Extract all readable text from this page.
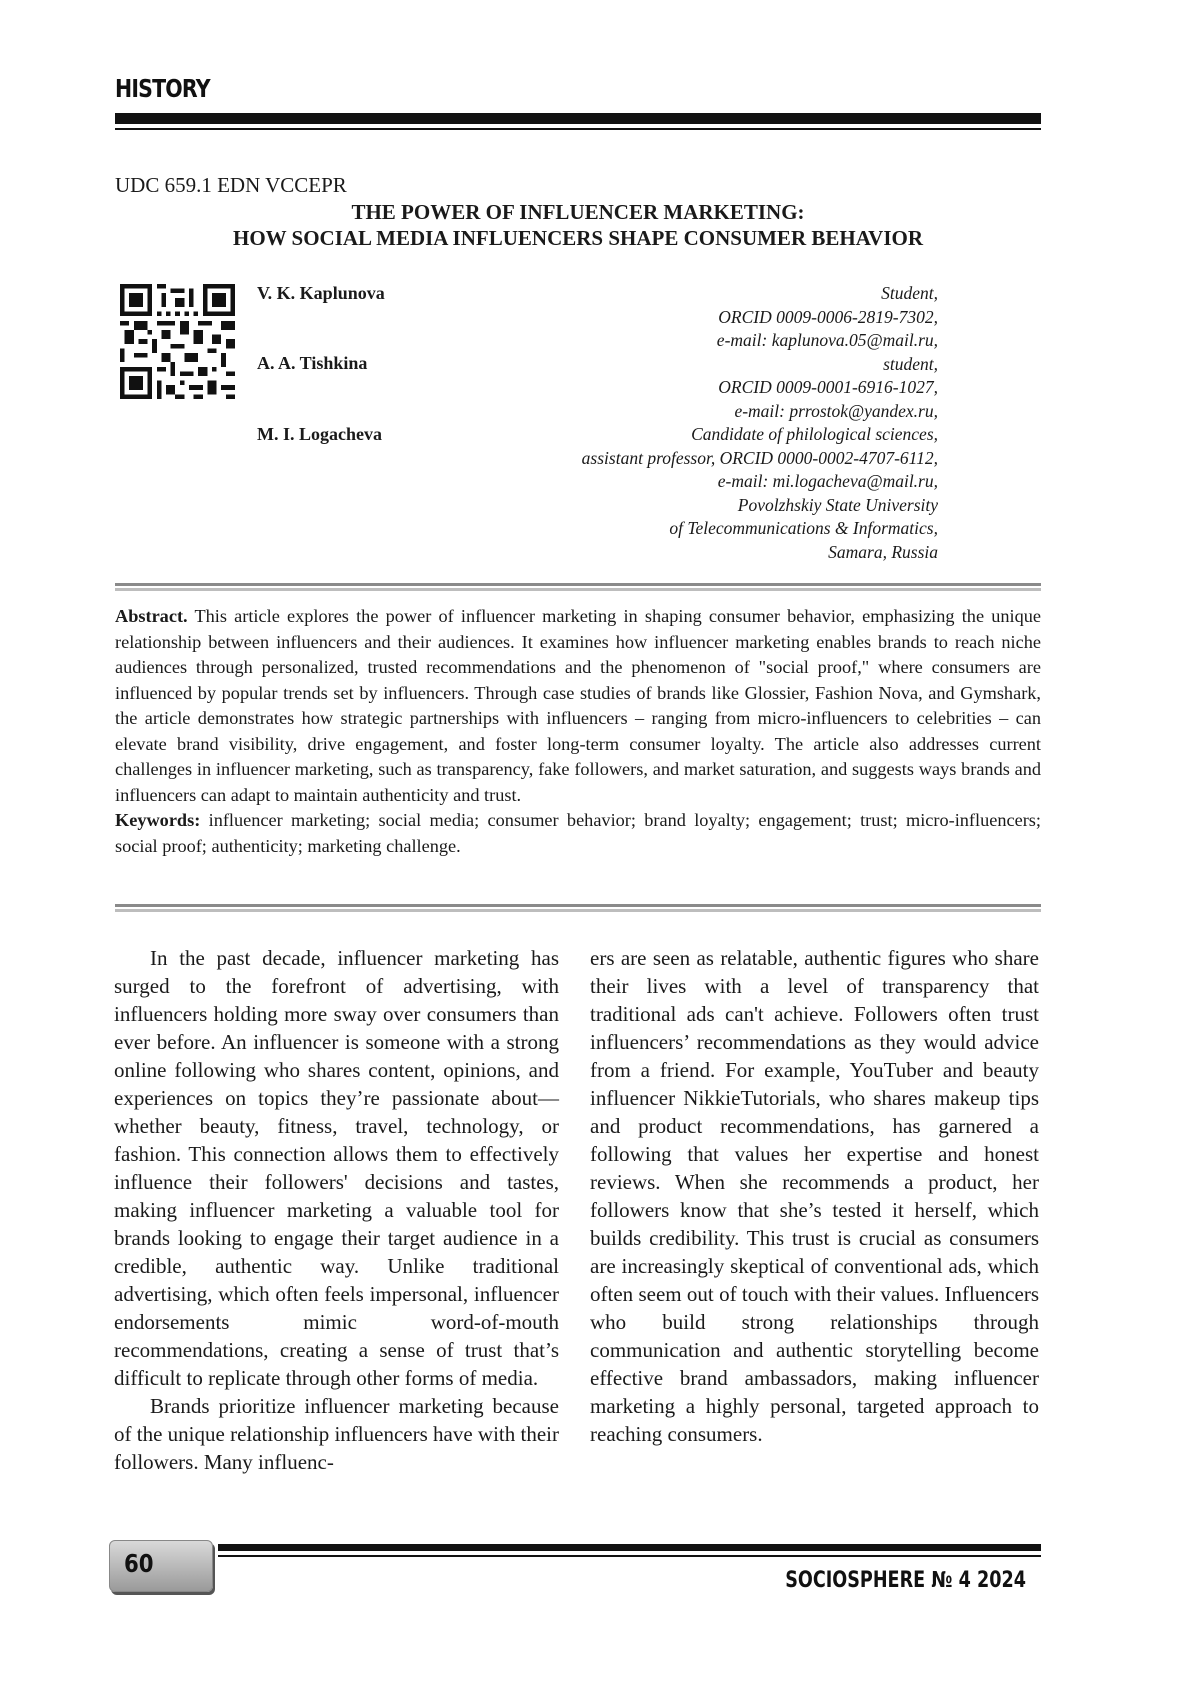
HISTORY
UDC 659.1 EDN VCCEPR
THE POWER OF INFLUENCER MARKETING:
HOW SOCIAL MEDIA INFLUENCERS SHAPE CONSUMER BEHAVIOR
V. K. Kaplunova
A. A. Tishkina
M. I. Logacheva
Student,
ORCID 0009-0006-2819-7302,
e-mail: kaplunova.05@mail.ru,
student,
ORCID 0009-0001-6916-1027,
e-mail: prrostok@yandex.ru,
Candidate of philological sciences,
assistant professor, ORCID 0000-0002-4707-6112,
e-mail: mi.logacheva@mail.ru,
Povolzhskiy State University
of Telecommunications & Informatics,
Samara, Russia
Abstract. This article explores the power of influencer marketing in shaping consumer behavior, emphasizing the unique relationship between influencers and their audiences. It examines how influencer marketing enables brands to reach niche audiences through personalized, trusted recommendations and the phenomenon of "social proof," where consumers are influenced by popular trends set by influencers. Through case studies of brands like Glossier, Fashion Nova, and Gymshark, the article demonstrates how strategic partnerships with influencers – ranging from micro-influencers to celebrities – can elevate brand visibility, drive engagement, and foster long-term consumer loyalty. The article also addresses current challenges in influencer marketing, such as transparency, fake followers, and market saturation, and suggests ways brands and influencers can adapt to maintain authenticity and trust.
Keywords: influencer marketing; social media; consumer behavior; brand loyalty; engagement; trust; micro-influencers; social proof; authenticity; marketing challenge.

In the past decade, influencer marketing has surged to the forefront of advertising, with influencers holding more sway over consumers than ever before. An influencer is someone with a strong online following who shares content, opinions, and experiences on topics they’re passionate about—whether beauty, fitness, travel, technology, or fashion. This connection allows them to effectively influence their followers' decisions and tastes, making influencer marketing a valuable tool for brands looking to engage their target audience in a credible, authentic way. Unlike traditional advertising, which often feels impersonal, influencer endorsements mimic word-of-mouth recommendations, creating a sense of trust that’s difficult to replicate through other forms of media.

Brands prioritize influencer marketing because of the unique relationship influencers have with their followers. Many influenc-

ers are seen as relatable, authentic figures who share their lives with a level of transparency that traditional ads can't achieve. Followers often trust influencers’ recommendations as they would advice from a friend. For example, YouTuber and beauty influencer NikkieTutorials, who shares makeup tips and product recommendations, has garnered a following that values her expertise and honest reviews. When she recommends a product, her followers know that she’s tested it herself, which builds credibility. This trust is crucial as consumers are increasingly skeptical of conventional ads, which often seem out of touch with their values. Influencers who build strong relationships through communication and authentic storytelling become effective brand ambassadors, making influencer marketing a highly personal, targeted approach to reaching consumers.

60
SOCIOSPHERE № 4 2024
